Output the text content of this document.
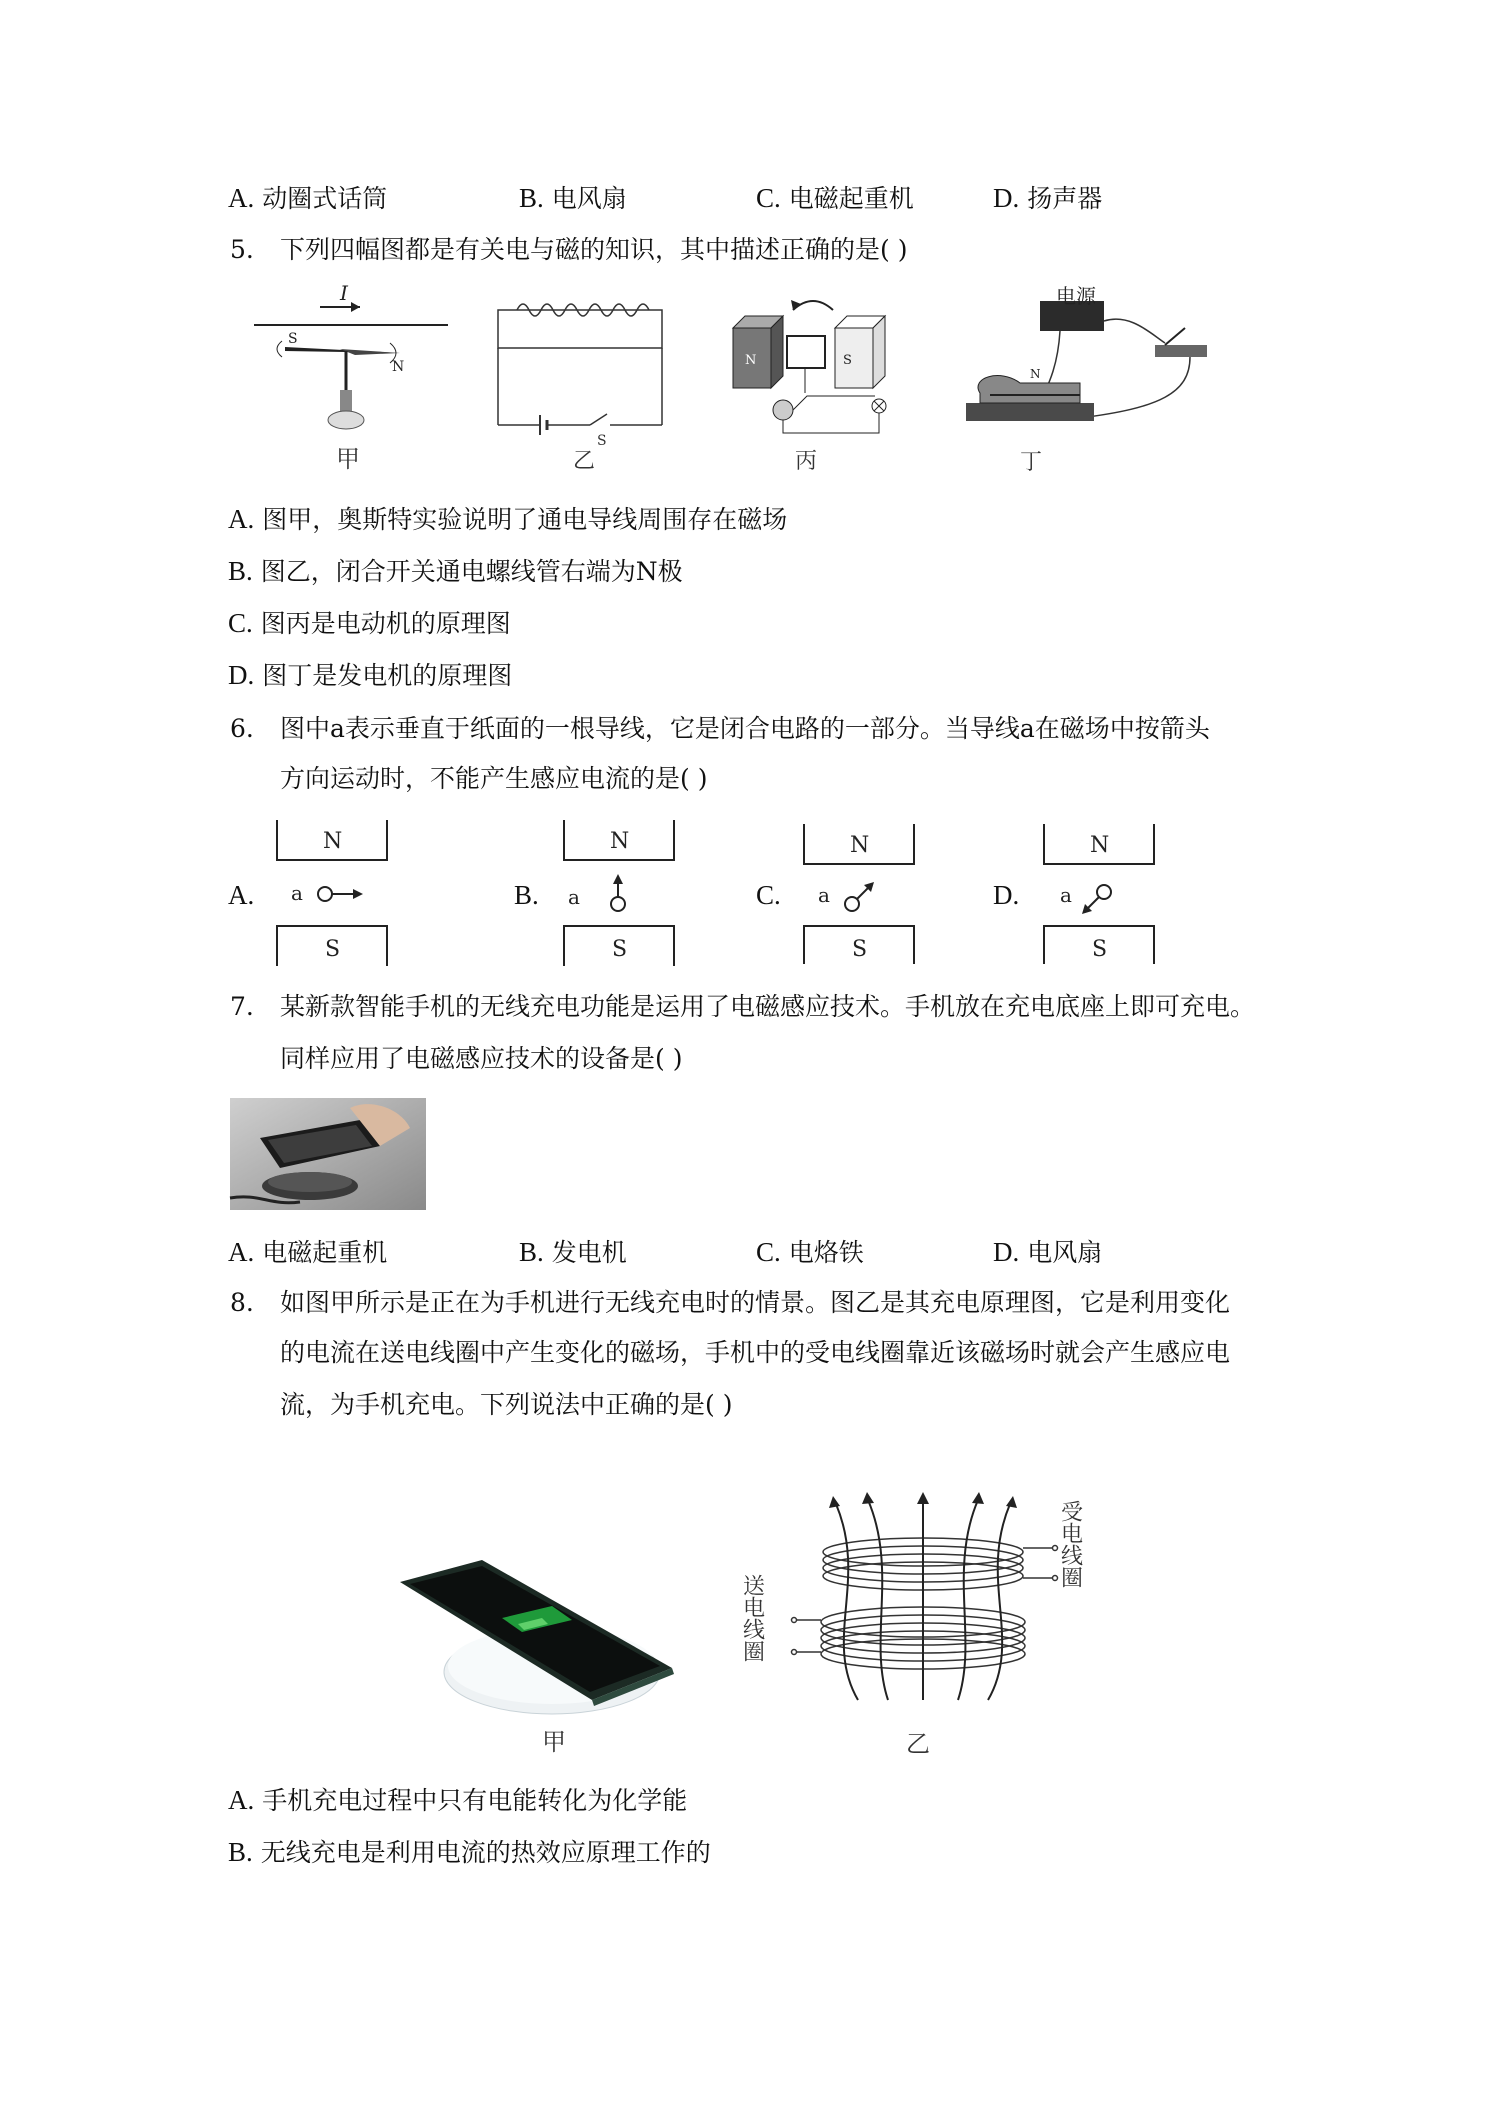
A. 动圈式话筒	B. 电风扇	C. 电磁起重机	D. 扬声器
5. 下列四幅图都是有关电与磁的知识，其中描述正确的是( )
I
S
N
甲
S
乙
N	S
丙
电源
N
丁
A. 图甲，奥斯特实验说明了通电导线周围存在磁场
B. 图乙，闭合开关通电螺线管右端为N极
C. 图丙是电动机的原理图
D. 图丁是发电机的原理图
6. 图中a表示垂直于纸面的一根导线，它是闭合电路的一部分。当导线a在磁场中按箭头
方向运动时，不能产生感应电流的是( )
A.
N
a
S
B.
N
a
S
C.
N
a
S
D.
N
a
S
7. 某新款智能手机的无线充电功能是运用了电磁感应技术。手机放在充电底座上即可充电。
同样应用了电磁感应技术的设备是( )
A. 电磁起重机	B. 发电机	C. 电烙铁	D. 电风扇
8. 如图甲所示是正在为手机进行无线充电时的情景。图乙是其充电原理图，它是利用变化
的电流在送电线圈中产生变化的磁场，手机中的受电线圈靠近该磁场时就会产生感应电
流，为手机充电。下列说法中正确的是( )
甲
受电线圈
送电线圈
乙
A. 手机充电过程中只有电能转化为化学能
B. 无线充电是利用电流的热效应原理工作的
